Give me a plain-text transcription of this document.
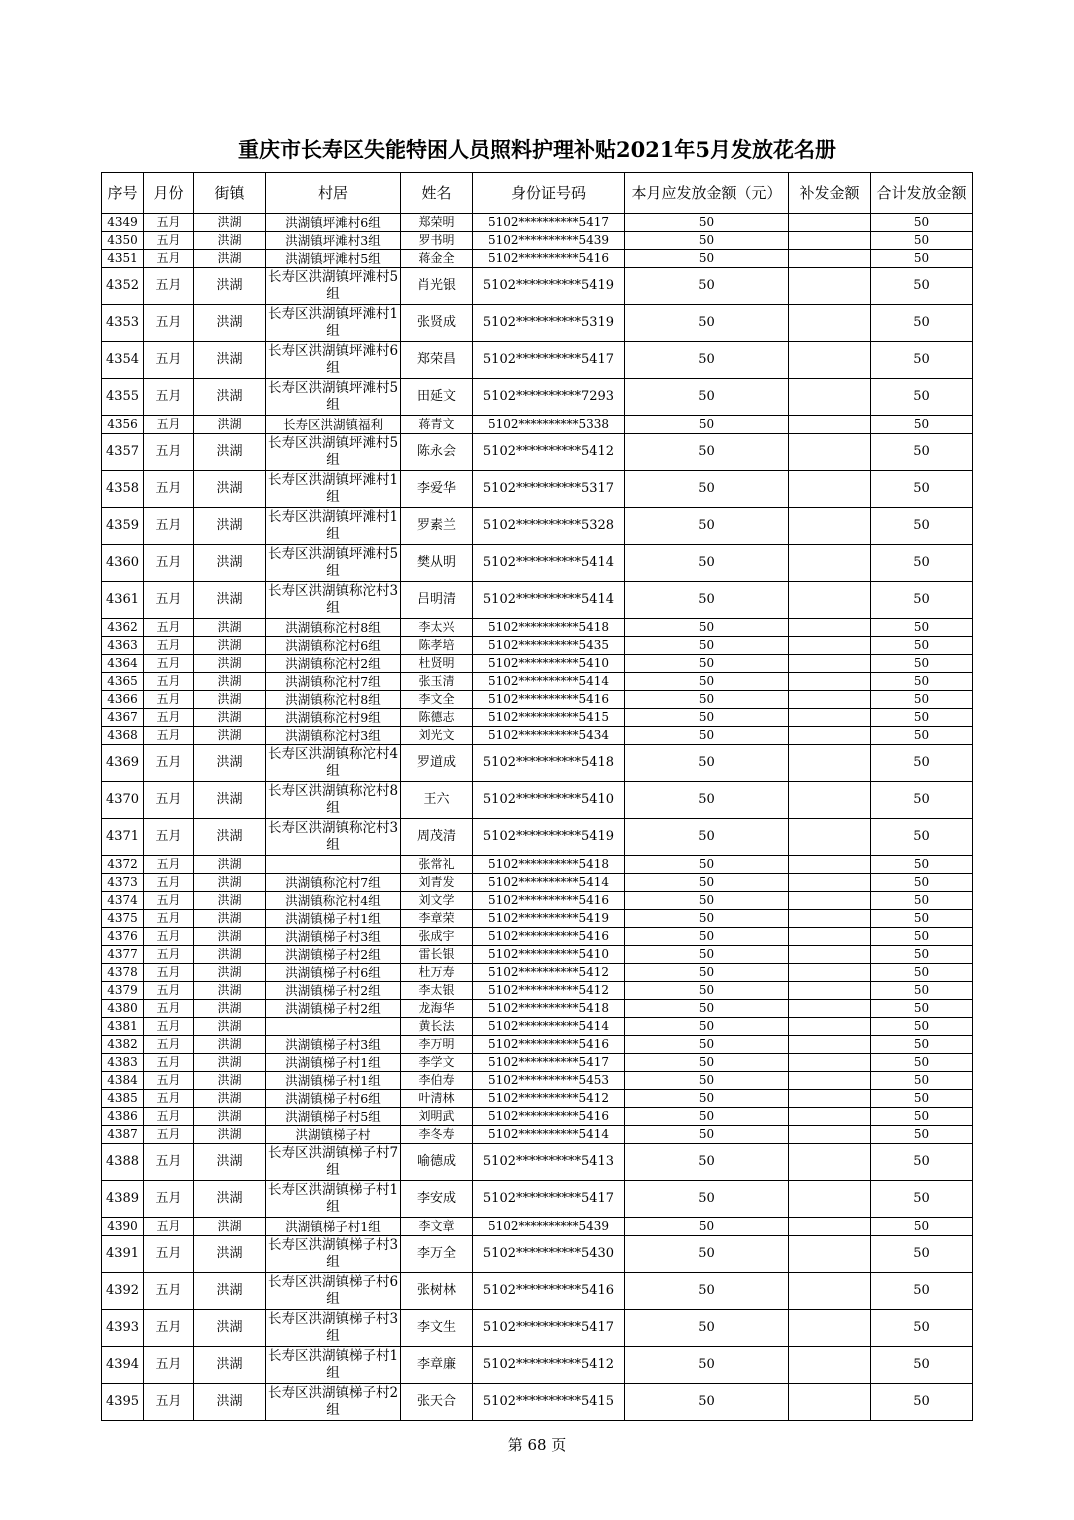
重庆市长寿区失能特困人员照料护理补贴2021年5月发放花名册
序号	月份	街镇	村居	姓名	身份证号码	本月应发放金额（元）	补发金额	合计发放金额
4349	五月	洪湖	洪湖镇坪滩村6组	郑荣明	5102**********5417	50		50
4350	五月	洪湖	洪湖镇坪滩村3组	罗书明	5102**********5439	50		50
4351	五月	洪湖	洪湖镇坪滩村5组	蒋金全	5102**********5416	50		50
4352	五月	洪湖	长寿区洪湖镇坪滩村5组	肖光银	5102**********5419	50		50
4353	五月	洪湖	长寿区洪湖镇坪滩村1组	张贤成	5102**********5319	50		50
4354	五月	洪湖	长寿区洪湖镇坪滩村6组	郑荣昌	5102**********5417	50		50
4355	五月	洪湖	长寿区洪湖镇坪滩村5组	田延文	5102**********7293	50		50
4356	五月	洪湖	长寿区洪湖镇福利	蒋青文	5102**********5338	50		50
4357	五月	洪湖	长寿区洪湖镇坪滩村5组	陈永会	5102**********5412	50		50
4358	五月	洪湖	长寿区洪湖镇坪滩村1组	李爱华	5102**********5317	50		50
4359	五月	洪湖	长寿区洪湖镇坪滩村1组	罗素兰	5102**********5328	50		50
4360	五月	洪湖	长寿区洪湖镇坪滩村5组	樊从明	5102**********5414	50		50
4361	五月	洪湖	长寿区洪湖镇称沱村3组	吕明清	5102**********5414	50		50
4362	五月	洪湖	洪湖镇称沱村8组	李太兴	5102**********5418	50		50
4363	五月	洪湖	洪湖镇称沱村6组	陈孝培	5102**********5435	50		50
4364	五月	洪湖	洪湖镇称沱村2组	杜贤明	5102**********5410	50		50
4365	五月	洪湖	洪湖镇称沱村7组	张玉清	5102**********5414	50		50
4366	五月	洪湖	洪湖镇称沱村8组	李文全	5102**********5416	50		50
4367	五月	洪湖	洪湖镇称沱村9组	陈德志	5102**********5415	50		50
4368	五月	洪湖	洪湖镇称沱村3组	刘光文	5102**********5434	50		50
4369	五月	洪湖	长寿区洪湖镇称沱村4组	罗道成	5102**********5418	50		50
4370	五月	洪湖	长寿区洪湖镇称沱村8组	王六	5102**********5410	50		50
4371	五月	洪湖	长寿区洪湖镇称沱村3组	周茂清	5102**********5419	50		50
4372	五月	洪湖		张常礼	5102**********5418	50		50
4373	五月	洪湖	洪湖镇称沱村7组	刘青发	5102**********5414	50		50
4374	五月	洪湖	洪湖镇称沱村4组	刘文学	5102**********5416	50		50
4375	五月	洪湖	洪湖镇梯子村1组	李章荣	5102**********5419	50		50
4376	五月	洪湖	洪湖镇梯子村3组	张成宇	5102**********5416	50		50
4377	五月	洪湖	洪湖镇梯子村2组	雷长银	5102**********5410	50		50
4378	五月	洪湖	洪湖镇梯子村6组	杜万寿	5102**********5412	50		50
4379	五月	洪湖	洪湖镇梯子村2组	李太银	5102**********5412	50		50
4380	五月	洪湖	洪湖镇梯子村2组	龙海华	5102**********5418	50		50
4381	五月	洪湖		黄长法	5102**********5414	50		50
4382	五月	洪湖	洪湖镇梯子村3组	李万明	5102**********5416	50		50
4383	五月	洪湖	洪湖镇梯子村1组	李学文	5102**********5417	50		50
4384	五月	洪湖	洪湖镇梯子村1组	李伯寿	5102**********5453	50		50
4385	五月	洪湖	洪湖镇梯子村6组	叶清林	5102**********5412	50		50
4386	五月	洪湖	洪湖镇梯子村5组	刘明武	5102**********5416	50		50
4387	五月	洪湖	洪湖镇梯子村	李冬寿	5102**********5414	50		50
4388	五月	洪湖	长寿区洪湖镇梯子村7组	喻德成	5102**********5413	50		50
4389	五月	洪湖	长寿区洪湖镇梯子村1组	李安成	5102**********5417	50		50
4390	五月	洪湖	洪湖镇梯子村1组	李文章	5102**********5439	50		50
4391	五月	洪湖	长寿区洪湖镇梯子村3组	李万全	5102**********5430	50		50
4392	五月	洪湖	长寿区洪湖镇梯子村6组	张树林	5102**********5416	50		50
4393	五月	洪湖	长寿区洪湖镇梯子村3组	李文生	5102**********5417	50		50
4394	五月	洪湖	长寿区洪湖镇梯子村1组	李章廉	5102**********5412	50		50
4395	五月	洪湖	长寿区洪湖镇梯子村2组	张天合	5102**********5415	50		50
第 68 页
